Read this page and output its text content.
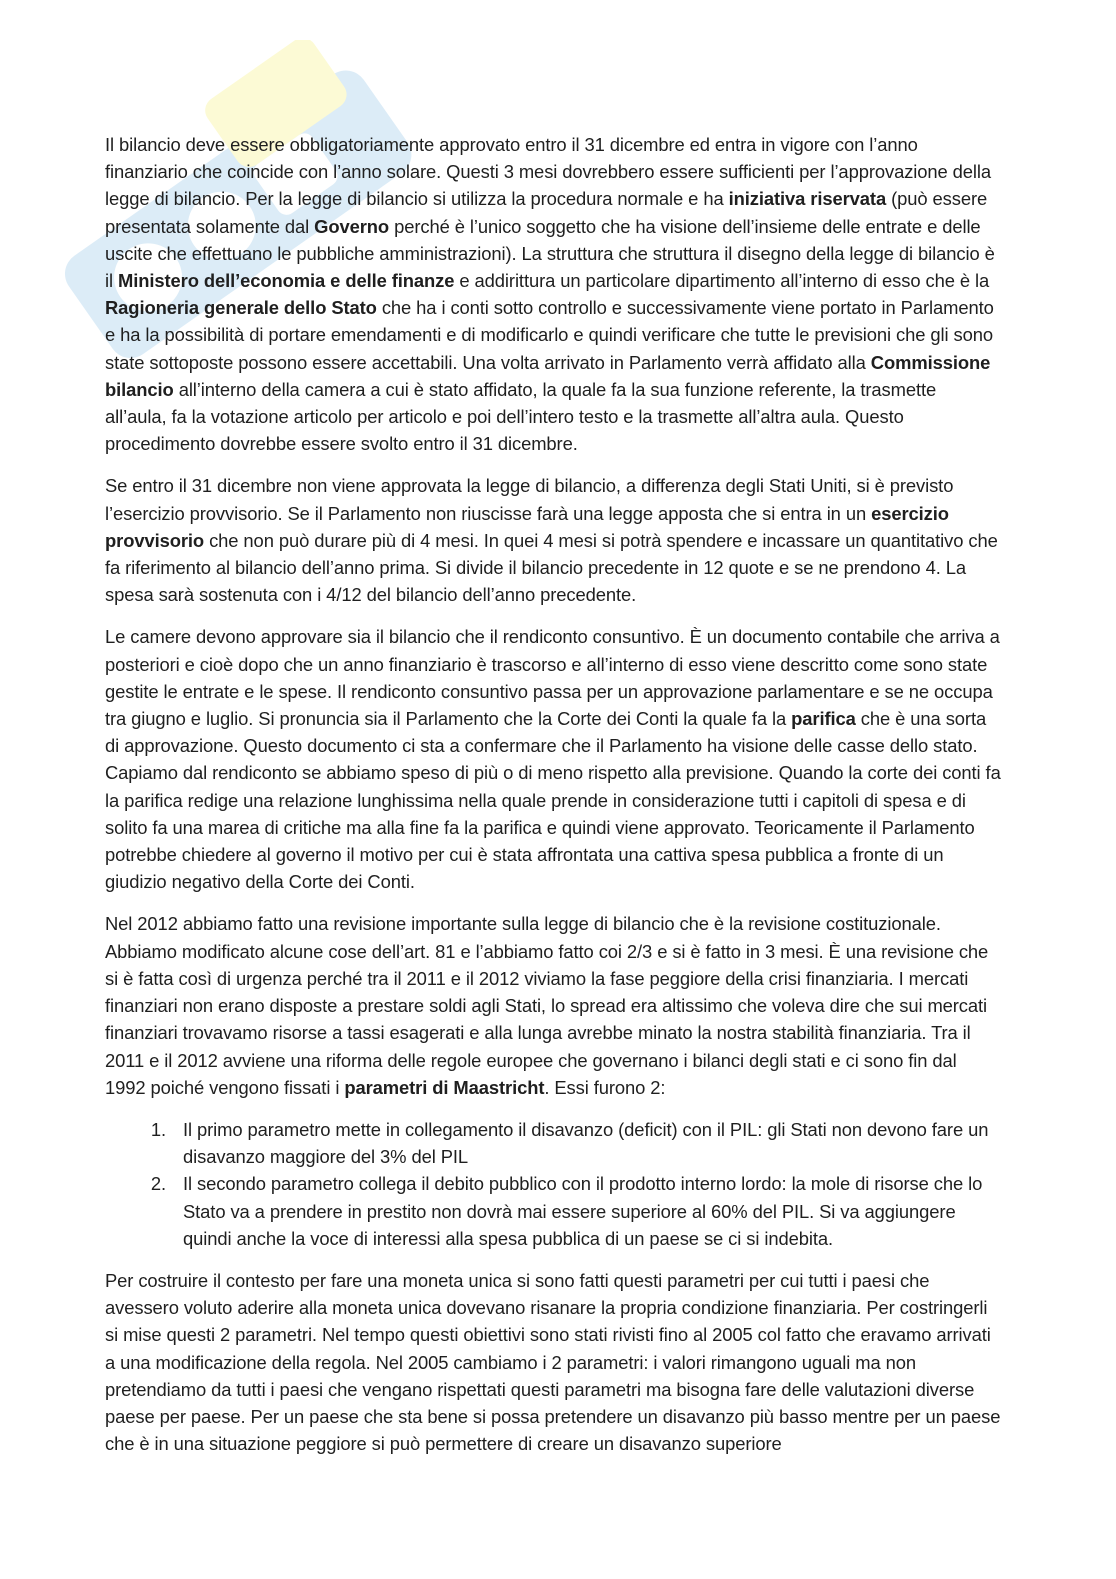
Il bilancio deve essere obbligatoriamente approvato entro il 31 dicembre ed entra in vigore con l’anno finanziario che coincide con l’anno solare. Questi 3 mesi dovrebbero essere sufficienti per l’approvazione della legge di bilancio. Per la legge di bilancio si utilizza la procedura normale e ha iniziativa riservata (può essere presentata solamente dal Governo perché è l’unico soggetto che ha visione dell’insieme delle entrate e delle uscite che effettuano le pubbliche amministrazioni). La struttura che struttura il disegno della legge di bilancio è il Ministero dell’economia e delle finanze e addirittura un particolare dipartimento all’interno di esso che è la Ragioneria generale dello Stato che ha i conti sotto controllo e successivamente viene portato in Parlamento e ha la possibilità di portare emendamenti e di modificarlo e quindi verificare che tutte le previsioni che gli sono state sottoposte possono essere accettabili. Una volta arrivato in Parlamento verrà affidato alla Commissione bilancio all’interno della camera a cui è stato affidato, la quale fa la sua funzione referente, la trasmette all’aula, fa la votazione articolo per articolo e poi dell’intero testo e la trasmette all’altra aula. Questo procedimento dovrebbe essere svolto entro il 31 dicembre.

Se entro il 31 dicembre non viene approvata la legge di bilancio, a differenza degli Stati Uniti, si è previsto l’esercizio provvisorio. Se il Parlamento non riuscisse farà una legge apposta che si entra in un esercizio provvisorio che non può durare più di 4 mesi. In quei 4 mesi si potrà spendere e incassare un quantitativo che fa riferimento al bilancio dell’anno prima. Si divide il bilancio precedente in 12 quote e se ne prendono 4. La spesa sarà sostenuta con i 4/12 del bilancio dell’anno precedente.

Le camere devono approvare sia il bilancio che il rendiconto consuntivo. È un documento contabile che arriva a posteriori e cioè dopo che un anno finanziario è trascorso e all’interno di esso viene descritto come sono state gestite le entrate e le spese. Il rendiconto consuntivo passa per un approvazione parlamentare e se ne occupa tra giugno e luglio. Si pronuncia sia il Parlamento che la Corte dei Conti la quale fa la parifica che è una sorta di approvazione. Questo documento ci sta a confermare che il Parlamento ha visione delle casse dello stato. Capiamo dal rendiconto se abbiamo speso di più o di meno rispetto alla previsione. Quando la corte dei conti fa la parifica redige una relazione lunghissima nella quale prende in considerazione tutti i capitoli di spesa e di solito fa una marea di critiche ma alla fine fa la parifica e quindi viene approvato. Teoricamente il Parlamento potrebbe chiedere al governo il motivo per cui è stata affrontata una cattiva spesa pubblica a fronte di un giudizio negativo della Corte dei Conti.

Nel 2012 abbiamo fatto una revisione importante sulla legge di bilancio che è la revisione costituzionale. Abbiamo modificato alcune cose dell’art. 81 e l’abbiamo fatto coi 2/3 e si è fatto in 3 mesi. È una revisione che si è fatta così di urgenza perché tra il 2011 e il 2012 viviamo la fase peggiore della crisi finanziaria. I mercati finanziari non erano disposte a prestare soldi agli Stati, lo spread era altissimo che voleva dire che sui mercati finanziari trovavamo risorse a tassi esagerati e alla lunga avrebbe minato la nostra stabilità finanziaria. Tra il 2011 e il 2012 avviene una riforma delle regole europee che governano i bilanci degli stati e ci sono fin dal 1992 poiché vengono fissati i parametri di Maastricht. Essi furono 2:

1. Il primo parametro mette in collegamento il disavanzo (deficit) con il PIL: gli Stati non devono fare un disavanzo maggiore del 3% del PIL
2. Il secondo parametro collega il debito pubblico con il prodotto interno lordo: la mole di risorse che lo Stato va a prendere in prestito non dovrà mai essere superiore al 60% del PIL. Si va aggiungere quindi anche la voce di interessi alla spesa pubblica di un paese se ci si indebita.

Per costruire il contesto per fare una moneta unica si sono fatti questi parametri per cui tutti i paesi che avessero voluto aderire alla moneta unica dovevano risanare la propria condizione finanziaria. Per costringerli si mise questi 2 parametri. Nel tempo questi obiettivi sono stati rivisti fino al 2005 col fatto che eravamo arrivati a una modificazione della regola. Nel 2005 cambiamo i 2 parametri: i valori rimangono uguali ma non pretendiamo da tutti i paesi che vengano rispettati questi parametri ma bisogna fare delle valutazioni diverse paese per paese. Per un paese che sta bene si possa pretendere un disavanzo più basso mentre per un paese che è in una situazione peggiore si può permettere di creare un disavanzo superiore
